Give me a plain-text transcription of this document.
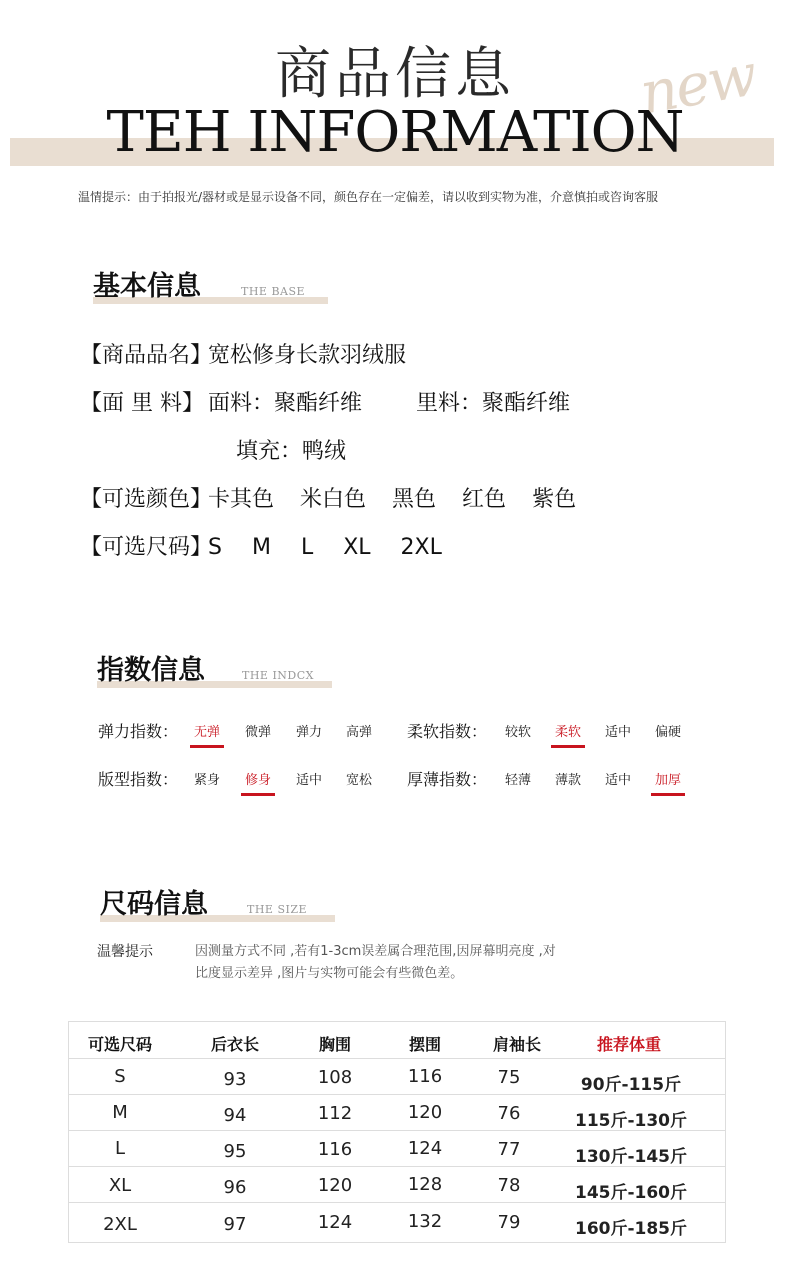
new
商品信息
TEH INFORMATION
温情提示：由于拍报光/器材或是显示设备不同，颜色存在一定偏差，请以收到实物为准，介意慎拍或咨询客服
基本信息	THE BASE
【商品品名】宽松修身长款羽绒服
【面 里 料】 面料：聚酯纤维 里料：聚酯纤维
填充：鸭绒
【可选颜色】卡其色 米白色 黑色 红色 紫色
【可选尺码】S M L XL 2XL
指数信息	THE INDCX
弹力指数： 无弹 微弹 弹力 高弹 柔软指数： 较软 柔软 适中 偏硬
版型指数： 紧身 修身 适中 宽松 厚薄指数： 轻薄 薄款 适中 加厚
尺码信息	THE SIZE
温馨提示	因测量方式不同 ,若有1-3cm误差属合理范围,因屏幕明亮度 ,对
比度显示差异 ,图片与实物可能会有些微色差。
可选尺码	后衣长	胸围	摆围	肩袖长	推荐体重
S	93	108	116	75	90斤-115斤
M	94	112	120	76	115斤-130斤
L	95	116	124	77	130斤-145斤
XL	96	120	128	78	145斤-160斤
2XL	97	124	132	79	160斤-185斤
